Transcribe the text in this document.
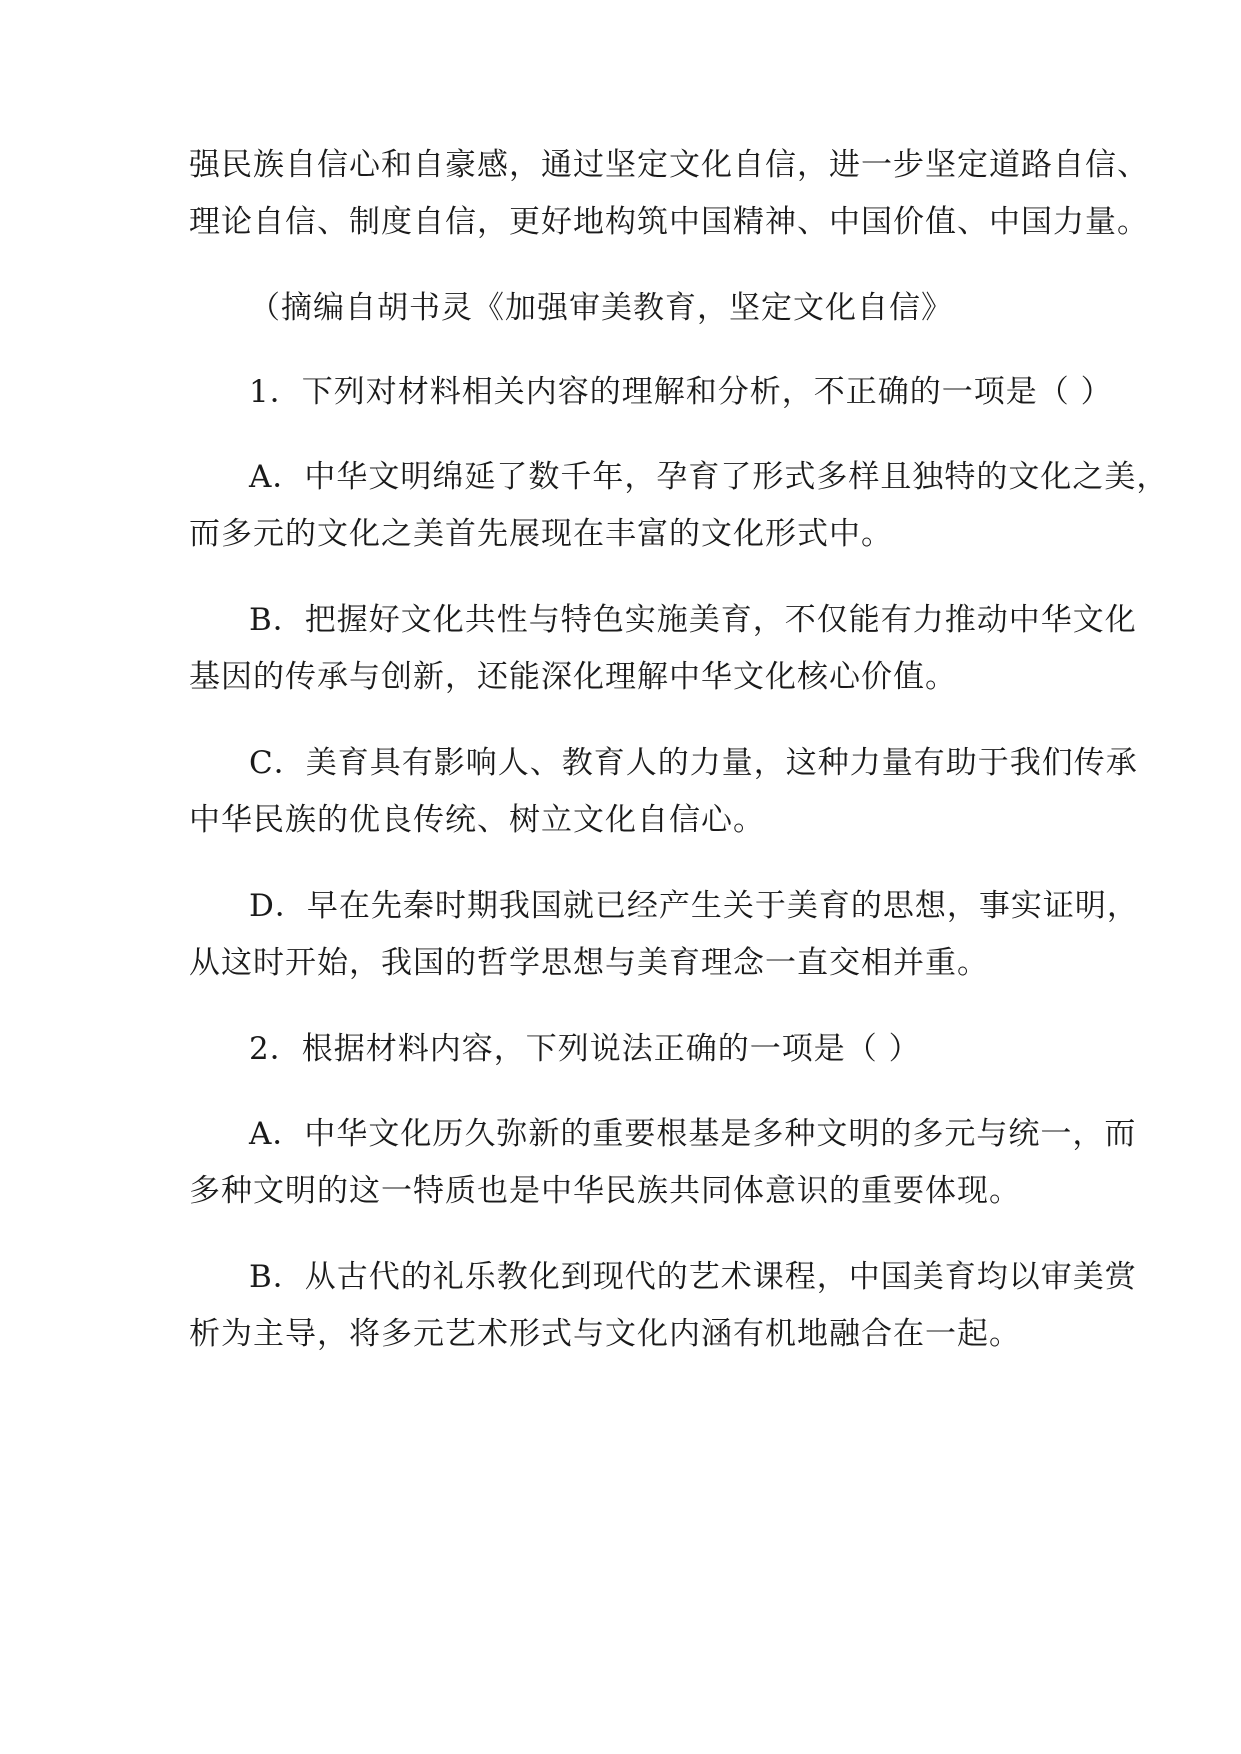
强民族自信心和自豪感，通过坚定文化自信，进一步坚定道路自信、
理论自信、制度自信，更好地构筑中国精神、中国价值、中国力量。
（摘编自胡书灵《加强审美教育，坚定文化自信》
1．下列对材料相关内容的理解和分析，不正确的一项是（ ）
A．中华文明绵延了数千年，孕育了形式多样且独特的文化之美，
而多元的文化之美首先展现在丰富的文化形式中。
B．把握好文化共性与特色实施美育，不仅能有力推动中华文化
基因的传承与创新，还能深化理解中华文化核心价值。
C．美育具有影响人、教育人的力量，这种力量有助于我们传承
中华民族的优良传统、树立文化自信心。
D．早在先秦时期我国就已经产生关于美育的思想，事实证明，
从这时开始，我国的哲学思想与美育理念一直交相并重。
2．根据材料内容，下列说法正确的一项是（ ）
A．中华文化历久弥新的重要根基是多种文明的多元与统一，而
多种文明的这一特质也是中华民族共同体意识的重要体现。
B．从古代的礼乐教化到现代的艺术课程，中国美育均以审美赏
析为主导，将多元艺术形式与文化内涵有机地融合在一起。
